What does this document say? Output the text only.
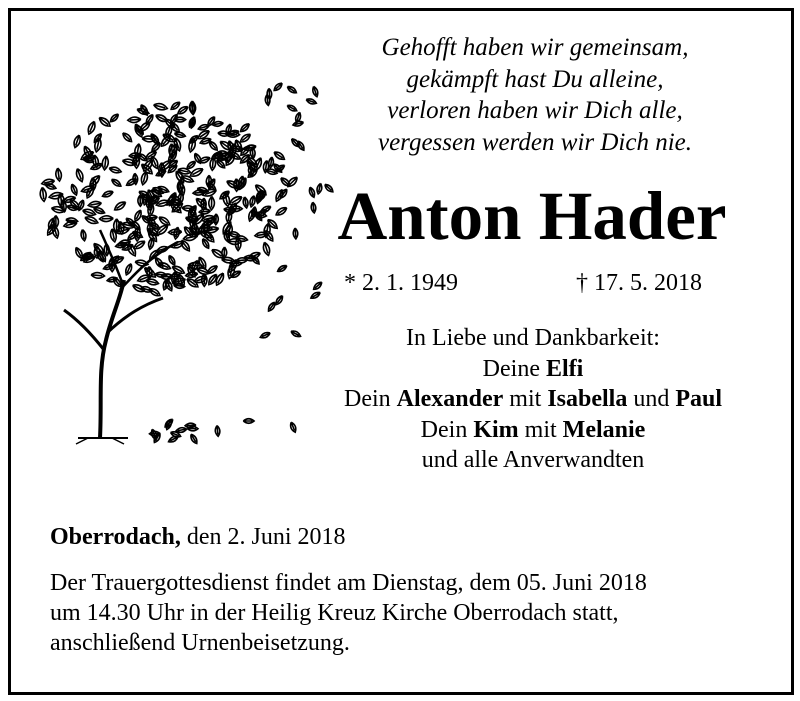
Gehofft haben wir gemeinsam,
gekämpft hast Du alleine,
verloren haben wir Dich alle,
vergessen werden wir Dich nie.
Anton Hader
* 2. 1. 1949	† 17. 5. 2018
In Liebe und Dankbarkeit:
Deine Elfi
Dein Alexander mit Isabella und Paul
Dein Kim mit Melanie
und alle Anverwandten
Oberrodach, den 2. Juni 2018
Der Trauergottesdienst findet am Dienstag, dem 05. Juni 2018
um 14.30 Uhr in der Heilig Kreuz Kirche Oberrodach statt,
anschließend Urnenbeisetzung.
